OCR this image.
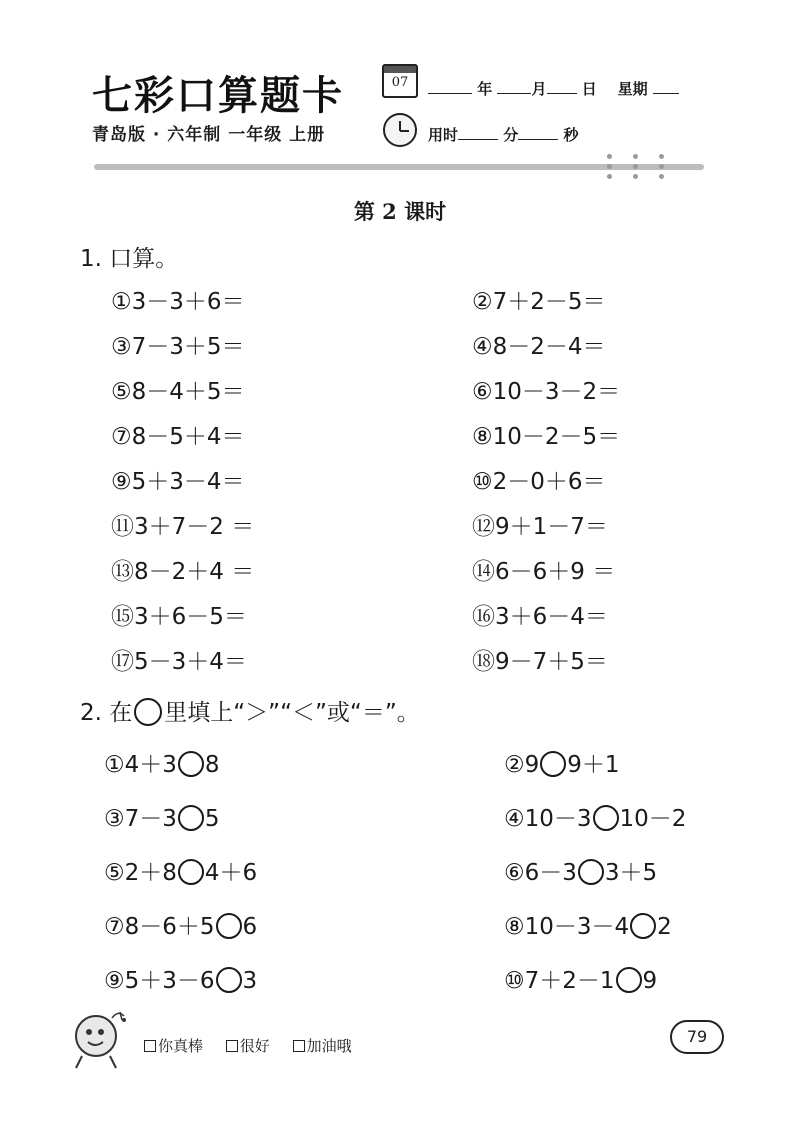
七彩口算题卡	07	年	月 日 星期
青岛版 · 六年制 一年级 上册	用时	分	秒
第 2 课时
1. 口算。
①3－3＋6＝	②7＋2－5＝
③7－3＋5＝	④8－2－4＝
⑤8－4＋5＝	⑥10－3－2＝
⑦8－5＋4＝	⑧10－2－5＝
⑨5＋3－4＝	⑩2－0＋6＝
⑪3＋7－2 ＝	⑫9＋1－7＝
⑬8－2＋4 ＝	⑭6－6＋9 ＝
⑮3＋6－5＝	⑯3＋6－4＝
⑰5－3＋4＝	⑱9－7＋5＝
2. 在 里填上“＞”“＜”或“＝”。
①4＋3 8	②9 9＋1
③7－3 5	④10－3 10－2
⑤2＋8 4＋6	⑥6－3 3＋5
⑦8－6＋5 6	⑧10－3－4 2
⑨5＋3－6 3	⑩7＋2－1 9
你真棒 很好 加油哦	79
